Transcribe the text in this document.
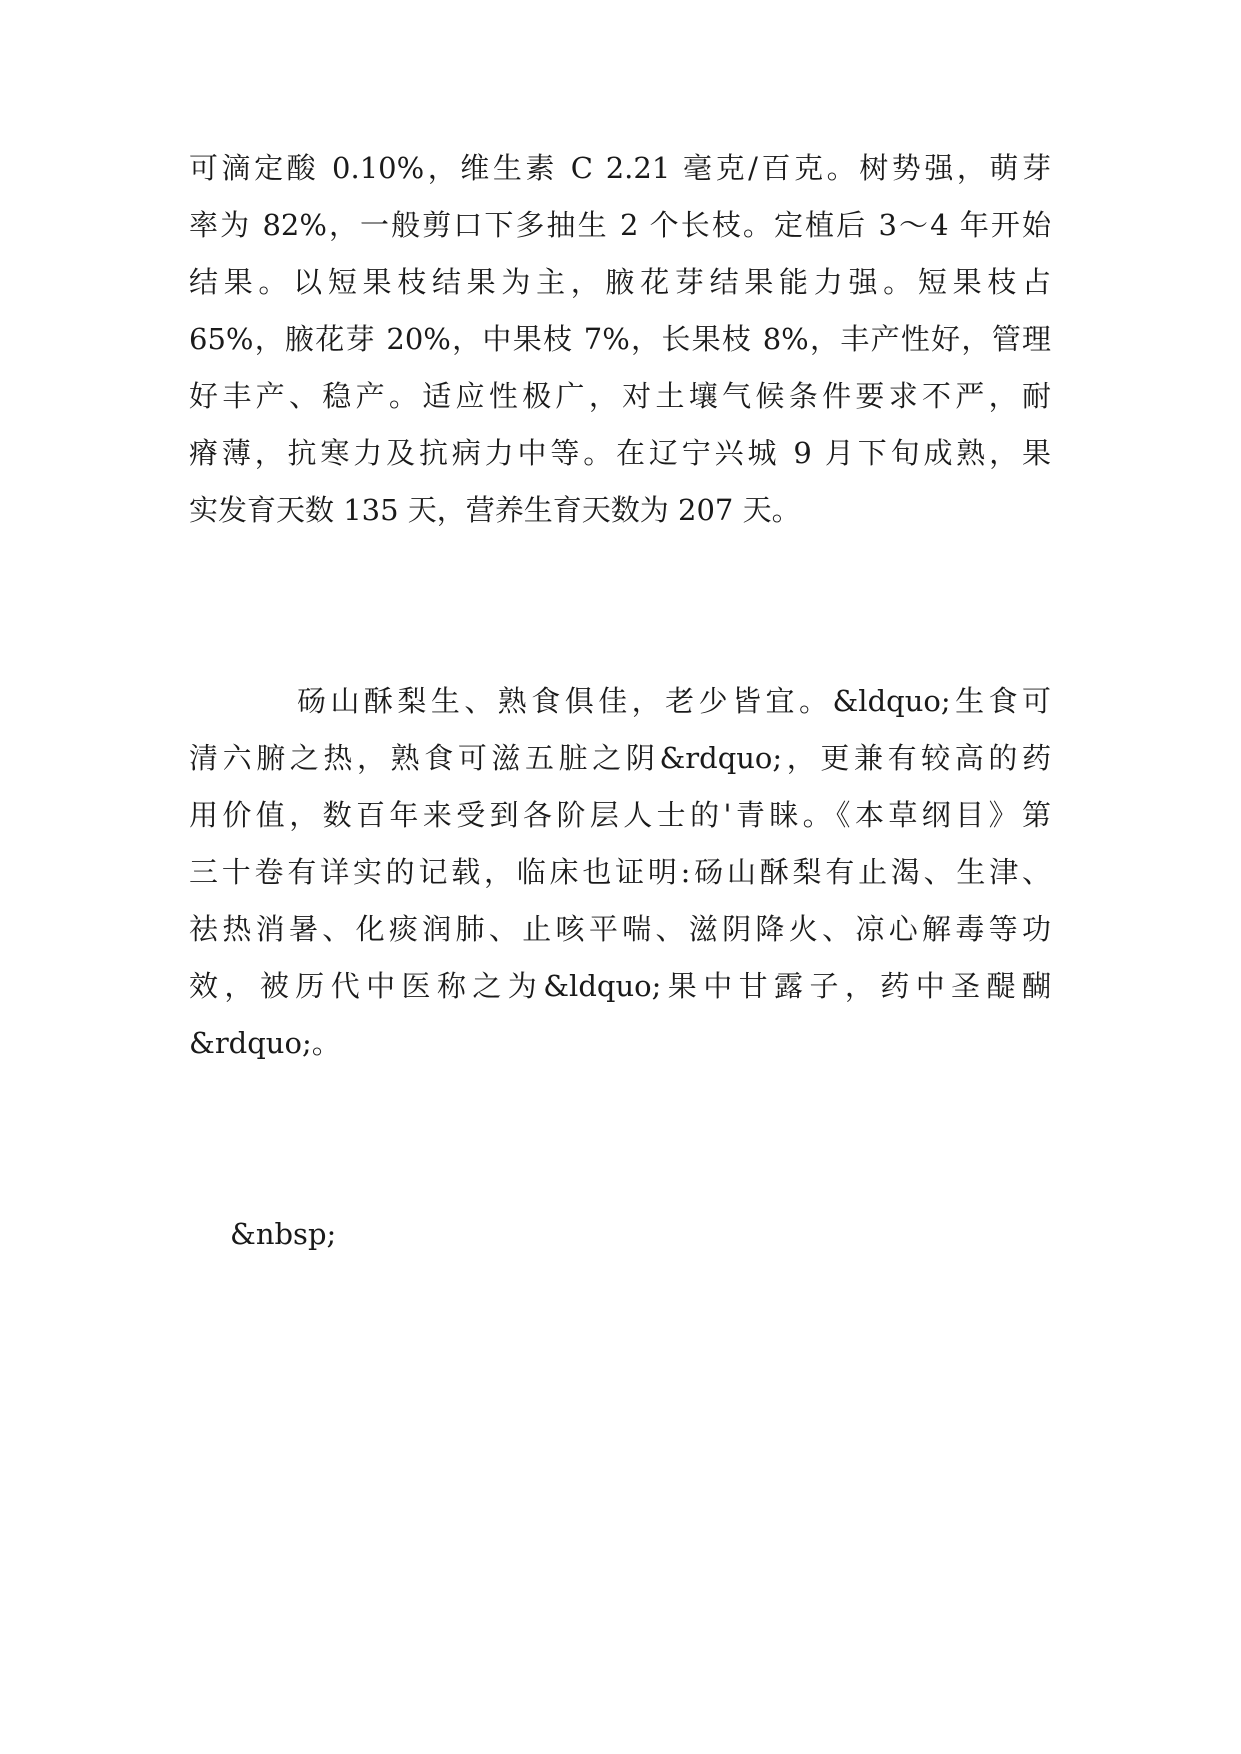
可滴定酸 0.10%，维生素 C 2.21 毫克/百克。树势强，萌芽

率为 82%，一般剪口下多抽生 2 个长枝。定植后 3～4 年开始

结果。以短果枝结果为主，腋花芽结果能力强。短果枝占

65%，腋花芽 20%，中果枝 7%，长果枝 8%，丰产性好，管理

好丰产、稳产。适应性极广，对土壤气候条件要求不严，耐

瘠薄，抗寒力及抗病力中等。在辽宁兴城 9 月下旬成熟，果

实发育天数 135 天，营养生育天数为 207 天。

砀山酥梨生、熟食俱佳，老少皆宜。&ldquo;生食可

清六腑之热，熟食可滋五脏之阴&rdquo;，更兼有较高的药

用价值，数百年来受到各阶层人士的'青睐。《本草纲目》第

三十卷有详实的记载，临床也证明:砀山酥梨有止渴、生津、

祛热消暑、化痰润肺、止咳平喘、滋阴降火、凉心解毒等功

效，被历代中医称之为&ldquo;果中甘露子，药中圣醍醐

&rdquo;。

&nbsp;
